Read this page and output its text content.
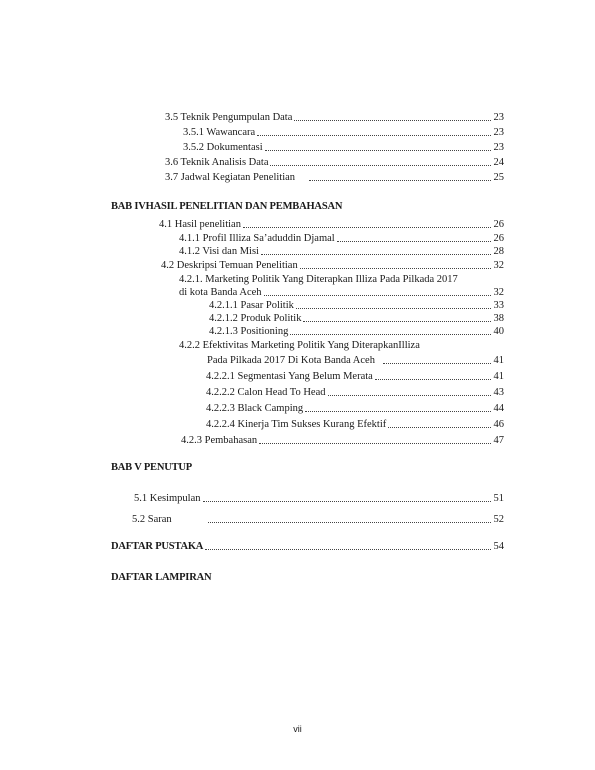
3.5 Teknik Pengumpulan Data	23
3.5.1 Wawancara	23
3.5.2 Dokumentasi	23
3.6 Teknik Analisis Data	24
3.7 Jadwal Kegiatan Penelitian	25
BAB IVHASIL PENELITIAN DAN PEMBAHASAN
4.1 Hasil penelitian	26
4.1.1 Profil Illiza Sa’aduddin Djamal	26
4.1.2 Visi dan Misi	28
4.2 Deskripsi Temuan Penelitian	32
4.2.1. Marketing Politik Yang Diterapkan Illiza Pada Pilkada 2017
di kota Banda Aceh	32
4.2.1.1 Pasar Politik	33
4.2.1.2 Produk Politik	38
4.2.1.3 Positioning	40
4.2.2 Efektivitas Marketing Politik Yang DiterapkanIlliza
Pada Pilkada 2017 Di Kota Banda Aceh	41
4.2.2.1 Segmentasi Yang Belum Merata	41
4.2.2.2 Calon Head To Head	43
4.2.2.3 Black Camping	44
4.2.2.4 Kinerja Tim Sukses Kurang Efektif	46
4.2.3 Pembahasan	47
BAB V PENUTUP
5.1 Kesimpulan	51
5.2 Saran	52
DAFTAR PUSTAKA	54
DAFTAR LAMPIRAN
vii
